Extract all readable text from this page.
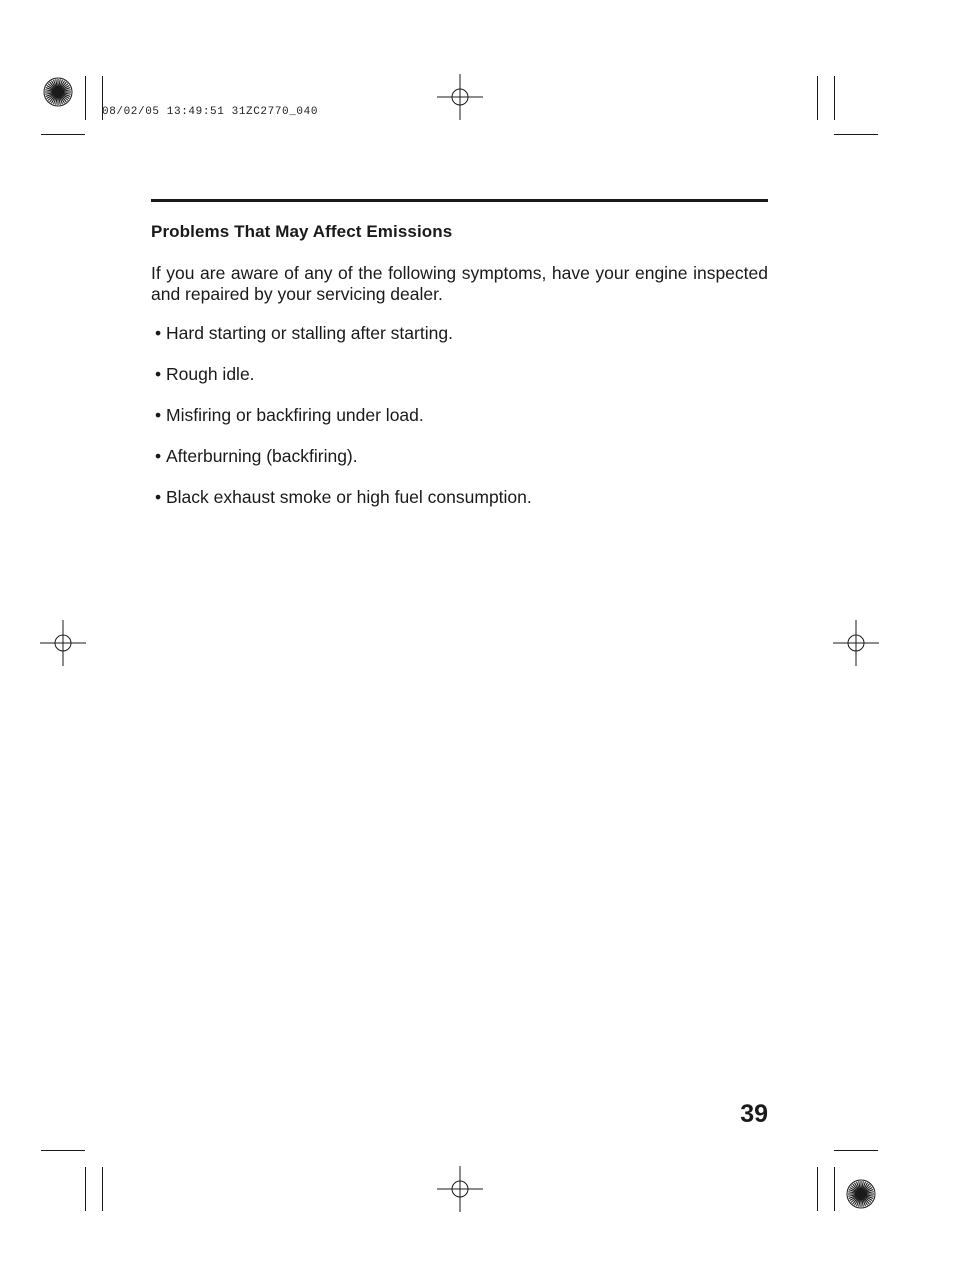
08/02/05 13:49:51 31ZC2770_040
Problems That May Affect Emissions
If you are aware of any of the following symptoms, have your engine inspected and repaired by your servicing dealer.
• Hard starting or stalling after starting.
• Rough idle.
• Misfiring or backfiring under load.
• Afterburning (backfiring).
• Black exhaust smoke or high fuel consumption.
39
